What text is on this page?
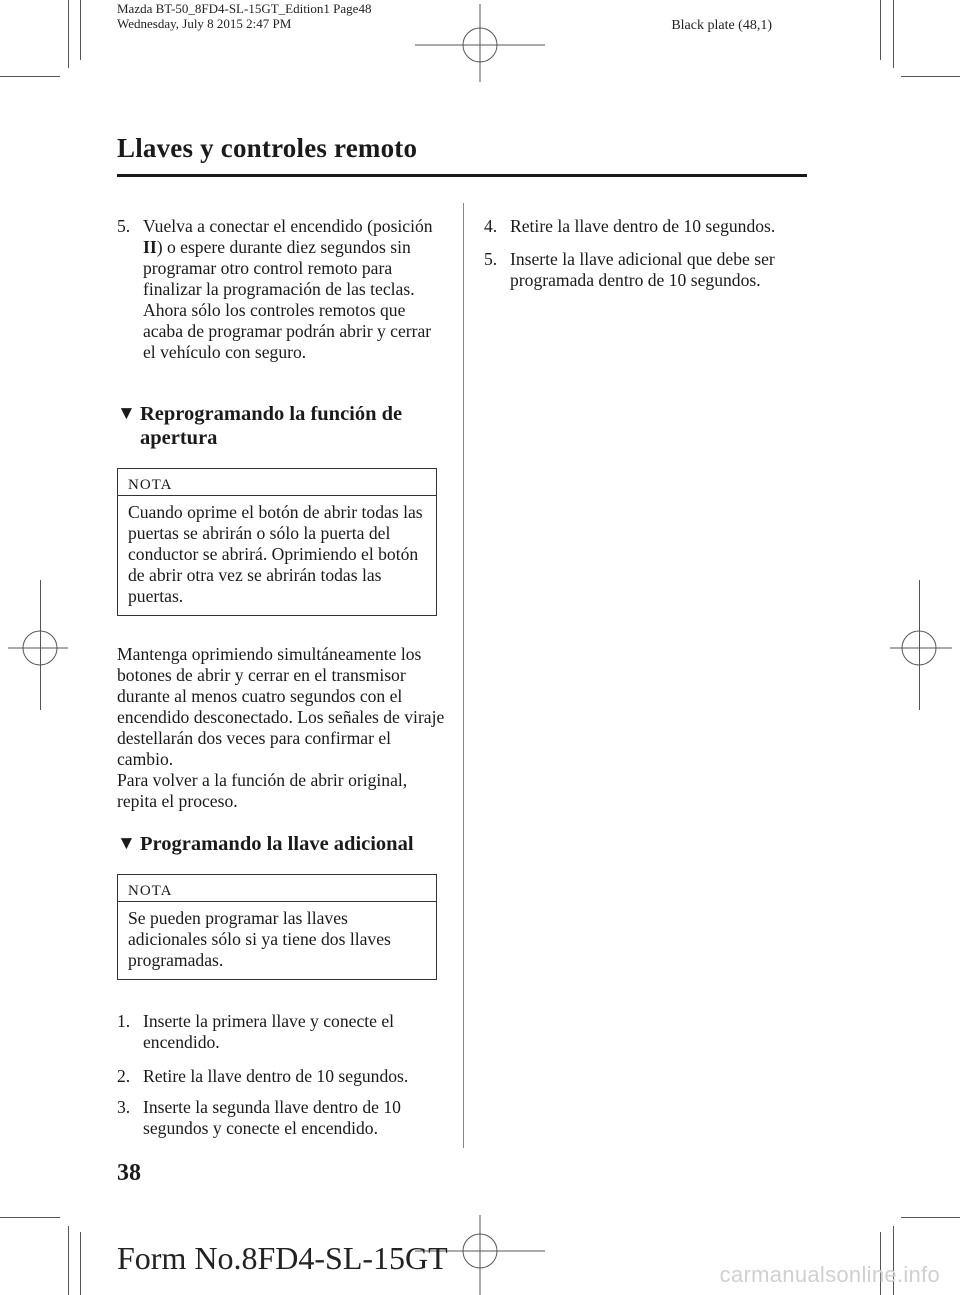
Mazda BT-50_8FD4-SL-15GT_Edition1 Page48
Wednesday, July 8 2015 2:47 PM	Black plate (48,1)
Llaves y controles remoto
5. Vuelva a conectar el encendido (posición II) o espere durante diez segundos sin programar otro control remoto para finalizar la programación de las teclas. Ahora sólo los controles remotos que acaba de programar podrán abrir y cerrar el vehículo con seguro.
▼ Reprogramando la función de apertura
NOTA
Cuando oprime el botón de abrir todas las puertas se abrirán o sólo la puerta del conductor se abrirá. Oprimiendo el botón de abrir otra vez se abrirán todas las puertas.
Mantenga oprimiendo simultáneamente los botones de abrir y cerrar en el transmisor durante al menos cuatro segundos con el encendido desconectado. Los señales de viraje destellarán dos veces para confirmar el cambio.
Para volver a la función de abrir original, repita el proceso.
▼ Programando la llave adicional
NOTA
Se pueden programar las llaves adicionales sólo si ya tiene dos llaves programadas.
1. Inserte la primera llave y conecte el encendido.
2. Retire la llave dentro de 10 segundos.
3. Inserte la segunda llave dentro de 10 segundos y conecte el encendido.
4. Retire la llave dentro de 10 segundos.
5. Inserte la llave adicional que debe ser programada dentro de 10 segundos.
38
Form No.8FD4-SL-15GT	carmanualsonline.info
